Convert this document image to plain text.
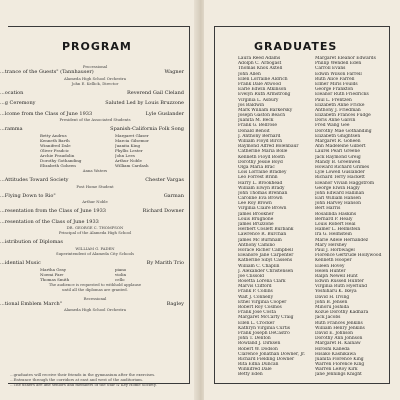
PROGRAM
Processional
...trance of the Guests" (Tannhauser)	Wagner
Alameda High School Orchestra
John E. Kellick, Director
...ocation	Reverend Gail Cleland
...g Ceremony	Saluted Led by Louis Bruzzone
...lcome from the Class of June 1933	Lyle Guslander
President of the Associated Students
...ramma	Spanish-California Folk Song
Betty Andrus	Margaret Glaser
Kenneth Barth	Marcia Gilsemor
Winnifred Dale	Juanita King
Oliver Fradcic	Phyllis Lester
Archie Fraudolin	John Lees
Dorothy Gothanding	Arthur Noble
Elizabeth Goheen	William Cardash
Anna Waters
...Attitudes Toward Society	Chester Vargas
Post Home Student
...Flying Down to Rio"	Garman
Arthur Noble
...resentation from the Class of June 1933	Richard Downer
...resentation of the Class of June 1933
DR. GEORGE C. THOMPSON
Principal of the Alameda High School
...istribution of Diplomas
WILLIAM G. PADEN
Superintendent of Alameda City Schools
...idential Music	By Marith Trio
Martha Gray	piano
Noemi Farr	violin
Thomas Smith	cello
The audience is requested to withhold applause
until all the diplomas are granted.
Recessional
...tional Emblem March"	Bagley
Alameda High School Orchestra
...graduates will receive their friends in the gymnasium after the exercises.
...Entrance through the corridors at east and west of the auditorium.
...The ushers are line seniors and members of the Star & Key Home Society.
GRADUATES
Laura Reed Adams	Margaret Eleanor Edwards
Adolph C. Arbogast	Phillip Wendell Eden
Thomas Knox Axtell	Carroll Evans
John Allen	Edwin Wilson Farrell
Ellen Lorraine Aldrich	Ruth Alice Farrell
Frank Dale Atwood	Elmer Miris Foulds
Earle Edwin Atkinson	George Frankton
Evelyn Ruth Armstrong	Eleanor Ruth Friedricks
Virginia L. Asbury	Paul L. Frentzen
Jos Baldwin	Elizabeth Anne Fricke
Mark William Barkersky	Anthony J. Friedman
Joseph Gaston Beach	Elizabeth Frances Fudge
Juanita M. Beck	Doris Anne Galvin
Frank G. Bellrose	Fred Wang Gee
Donald Benoit	Dorothy Mae Gothanding
J. Anthony Bernard	Elizabeth Gnightsen
William Floyd Birch	Margaret R. Goheen
Raymond Alfred Bolenbaur	Ann Madeleine Gilbert
Catherine Maria Bolle	Laurel Pearl Greene
Kenneth Floyd Booth	Jack Raymond Greig
Dorothy Jessie Boyd	Mandy B. Greenwell
Olga Maria Brac	Howard Richard Grimes
Lois Lorraine Bradley	Lyle Lowell Guslander
Leo Forrest Brinn	Richard Terry Hackett
Harry L. Brookhead	Eleanor Vivian Haggstrom
William Elwyn Brady	George Elwin Hagly
John Thomas Brennan	John Edward Hallinan
Caroline Eva Brown	Earl William Hansen
Lee Roy Brown	John Harvey Hanson
Virginia Claire Brown	Bert Harris
James Brookner	Rosalinda Haskins
Louis Brugnone	Bernard P. Healy
James Bruzzone	Louis Robert Heal
Herbert Coslett Burbank	Hamer L. Helmstein
Lawrence R. Burchan	Ira G. Helmstein
James Mc Burnham	Marie Adele Hernandez
Anthony Camino	Mary Hershey
Horace Richer Campbell	Paul J. Horbwagel
Eleanore Jane Carpenter	Florence Gertrude Hollywood
Katherine Sibyl Cassens	Kenneth Hooper
William C. Chaplin	Eileen Hovey
J. Alexander Christensen	Helen Hunter
Joe Clissold	Ralph Newell Hunt
Rosetta Lorena Clark	Edwin Russell Hunter
Marvis Clifford	Virginia Ruth Hyerlund
Frank P. Collins	Yoshiharu K. Ikeya
Walt J. Connelly	David H. Irving
Ethel Virginia Cooper	John B. Jensen
Robert Roy Cosmos	Minoru Joshida
Frank Jose Costa	Kozue Dorothy Kadhara
Margaret McCarty Craig	Jack Jacobs
Ellen L. Crocker	Ruth Frances Jenkins
Kathryn Virginia Curtis	William Henry Jenkins
Frank Joseph DeCastro	David E. Johnson
John T. Denton	Dorothy Ann Johnson
Rowland J. Dirksen	Margaret H. Kainaw
Robert W. Dodson	Hiroshi Kaneda
Clarence Jonathan Downer, Jr.	Hisako Kashikawa
Richard Fielding Downer	Juanita Florence King
Rita Edna Duncan	Warren Florence King
Winnifred Dale	Warren LeRoy Kirk
Betty Eden	Jane Jennings Knight
